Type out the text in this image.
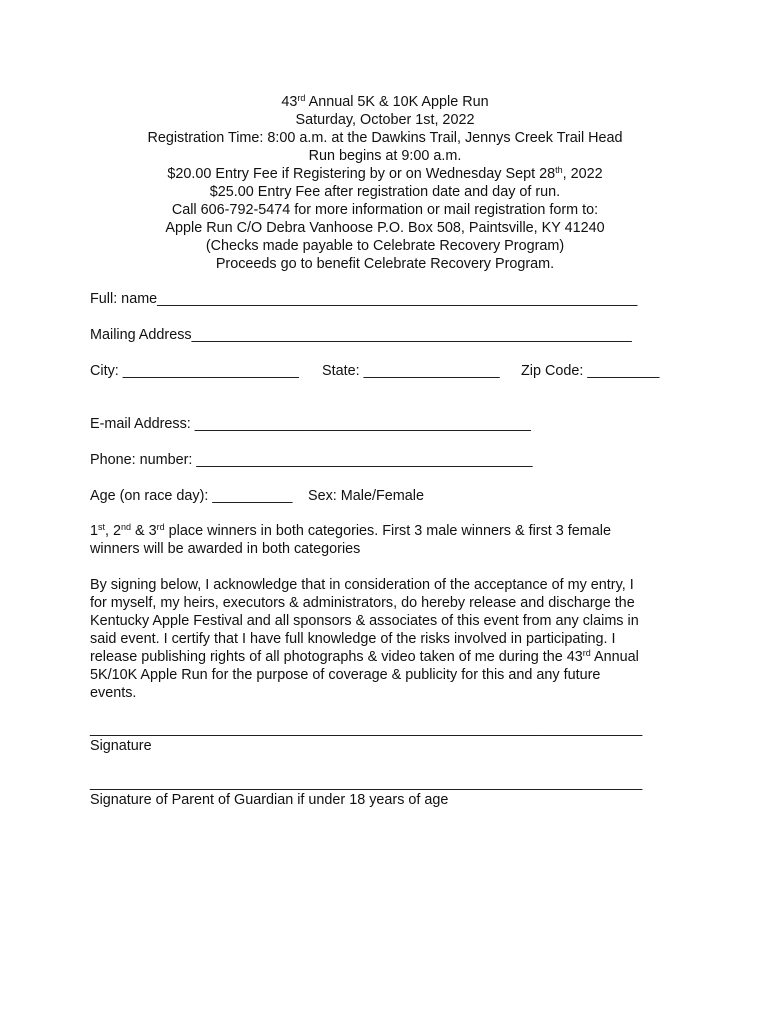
43rd Annual 5K & 10K Apple Run
Saturday, October 1st, 2022
Registration Time: 8:00 a.m. at the Dawkins Trail, Jennys Creek Trail Head
Run begins at 9:00 a.m.
$20.00 Entry Fee if Registering by or on Wednesday Sept 28th, 2022
$25.00 Entry Fee after registration date and day of run.
Call 606-792-5474 for more information or mail registration form to:
Apple Run C/O Debra Vanhoose P.O. Box 508, Paintsville, KY 41240
(Checks made payable to Celebrate Recovery Program)
Proceeds go to benefit Celebrate Recovery Program.
Full: name____________________________________________________________
Mailing Address_______________________________________________________
City: ______________________ State: _________________ Zip Code: _________
E-mail Address: __________________________________________
Phone: number: __________________________________________
Age (on race day): __________ Sex: Male/Female
1st, 2nd & 3rd place winners in both categories. First 3 male winners & first 3 female
winners will be awarded in both categories
By signing below, I acknowledge that in consideration of the acceptance of my entry, I
for myself, my heirs, executors & administrators, do hereby release and discharge the
Kentucky Apple Festival and all sponsors & associates of this event from any claims in
said event. I certify that I have full knowledge of the risks involved in participating. I
release publishing rights of all photographs & video taken of me during the 43rd Annual
5K/10K Apple Run for the purpose of coverage & publicity for this and any future
events.
_____________________________________________________________________
Signature
_____________________________________________________________________
Signature of Parent of Guardian if under 18 years of age
